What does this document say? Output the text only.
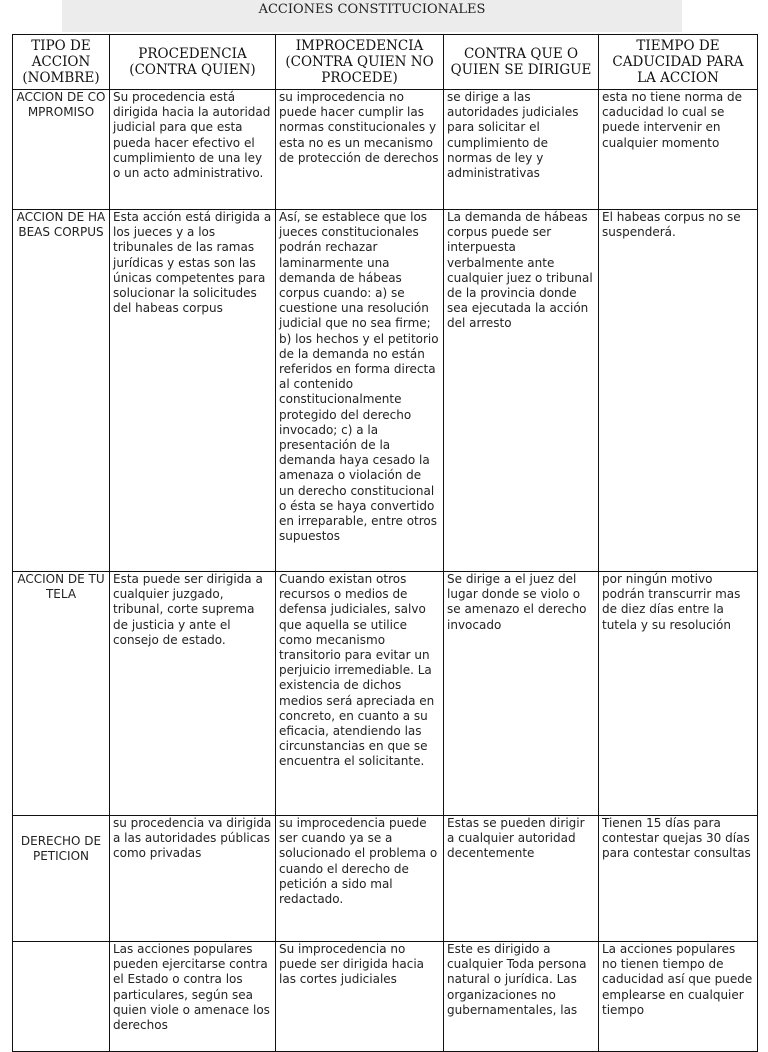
ACCIONES CONSTITUCIONALES
TIPO DE ACCION (NOMBRE)	PROCEDENCIA (CONTRA QUIEN)	IMPROCEDENCIA (CONTRA QUIEN NO PROCEDE)	CONTRA QUE O QUIEN SE DIRIGUE	TIEMPO DE CADUCIDAD PARA LA ACCION
ACCION DE COMPROMISO	Su procedencia está dirigida hacia la autoridad judicial para que esta pueda hacer efectivo el cumplimiento de una ley o un acto administrativo.	su improcedencia no puede hacer cumplir las normas constitucionales y esta no es un mecanismo de protección de derechos	se dirige a las autoridades judiciales para solicitar el cumplimiento de normas de ley y administrativas	esta no tiene norma de caducidad lo cual se puede intervenir en cualquier momento
ACCION DE HABEAS CORPUS	Esta acción está dirigida a los jueces y a los tribunales de las ramas jurídicas y estas son las únicas competentes para solucionar la solicitudes del habeas corpus	Así, se establece que los jueces constitucionales podrán rechazar laminarmente una demanda de hábeas corpus cuando: a) se cuestione una resolución judicial que no sea firme; b) los hechos y el petitorio de la demanda no están referidos en forma directa al contenido constitucionalmente protegido del derecho invocado; c) a la presentación de la demanda haya cesado la amenaza o violación de un derecho constitucional o ésta se haya convertido en irreparable, entre otros supuestos	La demanda de hábeas corpus puede ser interpuesta verbalmente ante cualquier juez o tribunal de la provincia donde sea ejecutada la acción del arresto	El habeas corpus no se suspenderá.
ACCION DE TUTELA	Esta puede ser dirigida a cualquier juzgado, tribunal, corte suprema de justicia y ante el consejo de estado.	Cuando existan otros recursos o medios de defensa judiciales, salvo que aquella se utilice como mecanismo transitorio para evitar un perjuicio irremediable. La existencia de dichos medios será apreciada en concreto, en cuanto a su eficacia, atendiendo las circunstancias en que se encuentra el solicitante.	Se dirige a el juez del lugar donde se violo o se amenazo el derecho invocado	por ningún motivo podrán transcurrir mas de diez días entre la tutela y su resolución
DERECHO DE PETICION	su procedencia va dirigida a las autoridades públicas como privadas	su improcedencia puede ser cuando ya se a solucionado el problema o cuando el derecho de petición a sido mal redactado.	Estas se pueden dirigir a cualquier autoridad decentemente	Tienen 15 días para contestar quejas 30 días para contestar consultas
	Las acciones populares pueden ejercitarse contra el Estado o contra los particulares, según sea quien viole o amenace los derechos	Su improcedencia no puede ser dirigida hacia las cortes judiciales	Este es dirigido a cualquier Toda persona natural o jurídica. Las organizaciones no gubernamentales, las	La acciones populares no tienen tiempo de caducidad así que puede emplearse en cualquier tiempo
